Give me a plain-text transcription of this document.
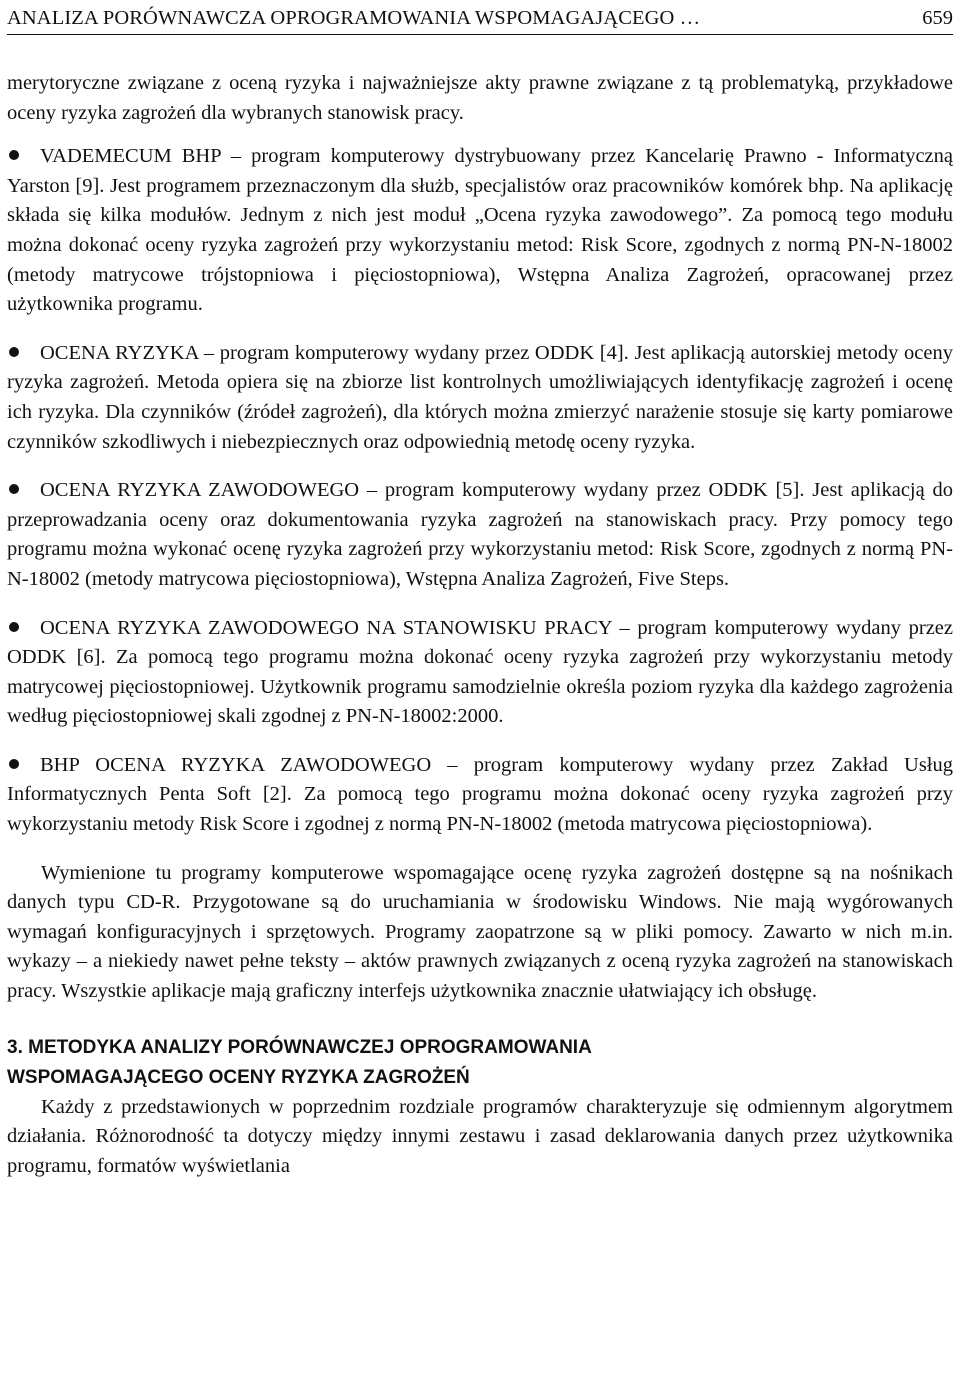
ANALIZA PORÓWNAWCZA OPROGRAMOWANIA WSPOMAGAJĄCEGO …	659

merytoryczne związane z oceną ryzyka i najważniejsze akty prawne związane z tą problematyką, przykładowe oceny ryzyka zagrożeń dla wybranych stanowisk pracy.

VADEMECUM BHP – program komputerowy dystrybuowany przez Kancelarię Prawno - Informatyczną Yarston [9]. Jest programem przeznaczonym dla służb, specjalistów oraz pracowników komórek bhp. Na aplikację składa się kilka modułów. Jednym z nich jest moduł „Ocena ryzyka zawodowego”. Za pomocą tego modułu można dokonać oceny ryzyka zagrożeń przy wykorzystaniu metod: Risk Score, zgodnych z normą PN-N-18002 (metody matrycowe trójstopniowa i pięciostopniowa), Wstępna Analiza Zagrożeń, opracowanej przez użytkownika programu.

OCENA RYZYKA – program komputerowy wydany przez ODDK [4]. Jest aplikacją autorskiej metody oceny ryzyka zagrożeń. Metoda opiera się na zbiorze list kontrolnych umożliwiających identyfikację zagrożeń i ocenę ich ryzyka. Dla czynników (źródeł zagrożeń), dla których można zmierzyć narażenie stosuje się karty pomiarowe czynników szkodliwych i niebezpiecznych oraz odpowiednią metodę oceny ryzyka.

OCENA RYZYKA ZAWODOWEGO – program komputerowy wydany przez ODDK [5]. Jest aplikacją do przeprowadzania oceny oraz dokumentowania ryzyka zagrożeń na stanowiskach pracy. Przy pomocy tego programu można wykonać ocenę ryzyka zagrożeń przy wykorzystaniu metod: Risk Score, zgodnych z normą PN-N-18002 (metody matrycowa pięciostopniowa), Wstępna Analiza Zagrożeń, Five Steps.

OCENA RYZYKA ZAWODOWEGO NA STANOWISKU PRACY – program komputerowy wydany przez ODDK [6]. Za pomocą tego programu można dokonać oceny ryzyka zagrożeń przy wykorzystaniu metody matrycowej pięciostopniowej. Użytkownik programu samodzielnie określa poziom ryzyka dla każdego zagrożenia według pięciostopniowej skali zgodnej z PN-N-18002:2000.

BHP OCENA RYZYKA ZAWODOWEGO – program komputerowy wydany przez Zakład Usług Informatycznych Penta Soft [2]. Za pomocą tego programu można dokonać oceny ryzyka zagrożeń przy wykorzystaniu metody Risk Score i zgodnej z normą PN-N-18002 (metoda matrycowa pięciostopniowa).

Wymienione tu programy komputerowe wspomagające ocenę ryzyka zagrożeń dostępne są na nośnikach danych typu CD-R. Przygotowane są do uruchamiania w środowisku Windows. Nie mają wygórowanych wymagań konfiguracyjnych i sprzętowych. Programy zaopatrzone są w pliki pomocy. Zawarto w nich m.in. wykazy – a niekiedy nawet pełne teksty – aktów prawnych związanych z oceną ryzyka zagrożeń na stanowiskach pracy. Wszystkie aplikacje mają graficzny interfejs użytkownika znacznie ułatwiający ich obsługę.

3. METODYKA ANALIZY PORÓWNAWCZEJ OPROGRAMOWANIA
WSPOMAGAJĄCEGO OCENY RYZYKA ZAGROŻEŃ

Każdy z przedstawionych w poprzednim rozdziale programów charakteryzuje się odmiennym algorytmem działania. Różnorodność ta dotyczy między innymi zestawu i zasad deklarowania danych przez użytkownika programu, formatów wyświetlania
